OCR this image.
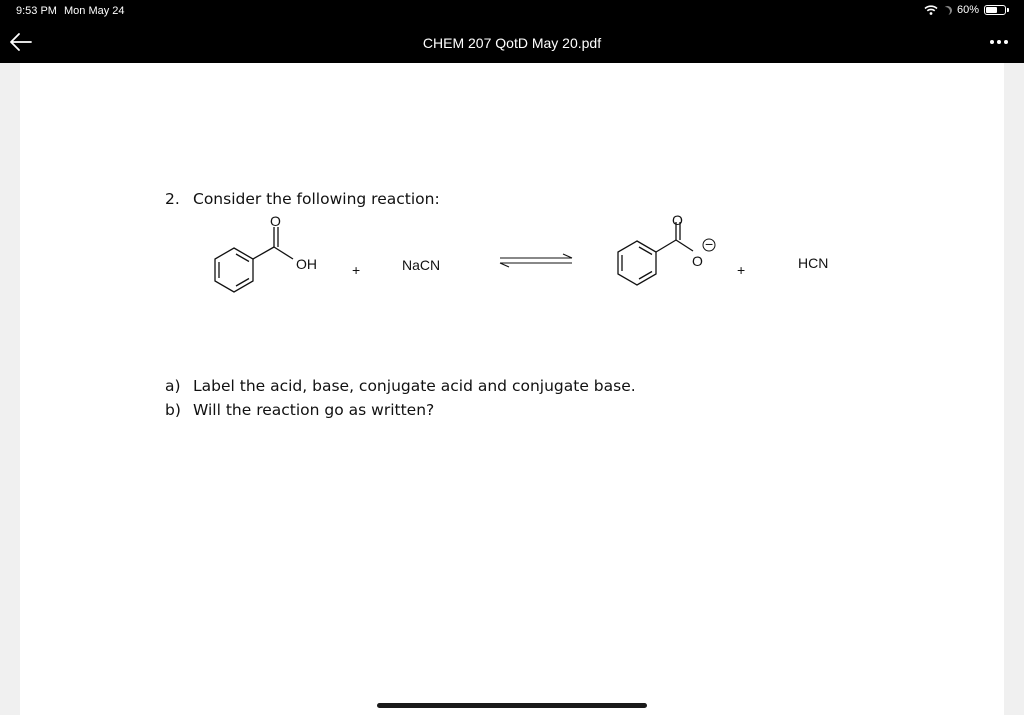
9:53 PM Mon May 24	60%
CHEM 207 QotD May 20.pdf
2. Consider the following reaction:
O
OH	+	NaCN
O
O
−
+	HCN
a) Label the acid, base, conjugate acid and conjugate base.
b) Will the reaction go as written?
